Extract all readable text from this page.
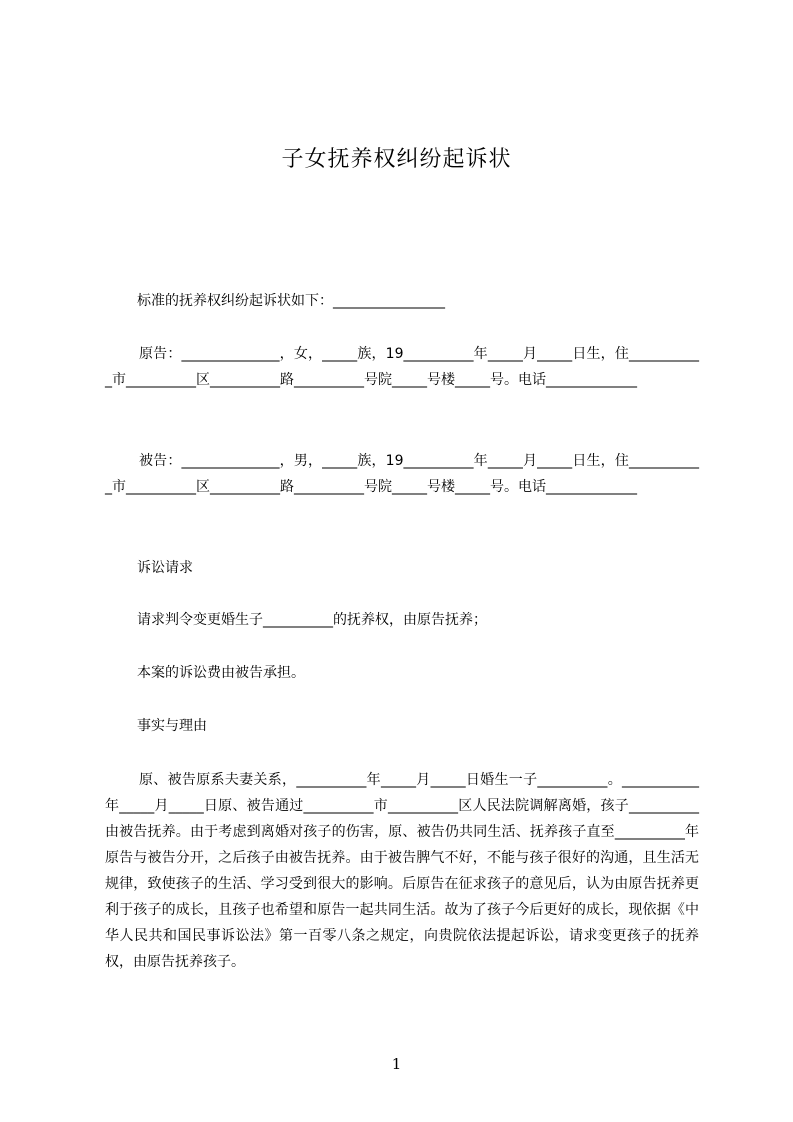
子女抚养权纠纷起诉状

标准的抚养权纠纷起诉状如下：________________

原告：______________，女，_____族，19__________年_____月_____日生，住___________市__________区__________路__________号院_____号楼_____号。电话_____________

被告：______________，男，_____族，19__________年_____月_____日生，住___________市__________区__________路__________号院_____号楼_____号。电话_____________

诉讼请求

请求判令变更婚生子__________的抚养权，由原告抚养；

本案的诉讼费由被告承担。

事实与理由

原、被告原系夫妻关系，__________年_____月_____日婚生一子__________。___________年_____月_____日原、被告通过__________市__________区人民法院调解离婚，孩子__________由被告抚养。由于考虑到离婚对孩子的伤害，原、被告仍共同生活、抚养孩子直至__________年原告与被告分开，之后孩子由被告抚养。由于被告脾气不好，不能与孩子很好的沟通，且生活无规律，致使孩子的生活、学习受到很大的影响。后原告在征求孩子的意见后，认为由原告抚养更利于孩子的成长，且孩子也希望和原告一起共同生活。故为了孩子今后更好的成长，现依据《中华人民共和国民事诉讼法》第一百零八条之规定，向贵院依法提起诉讼，请求变更孩子的抚养权，由原告抚养孩子。

1
